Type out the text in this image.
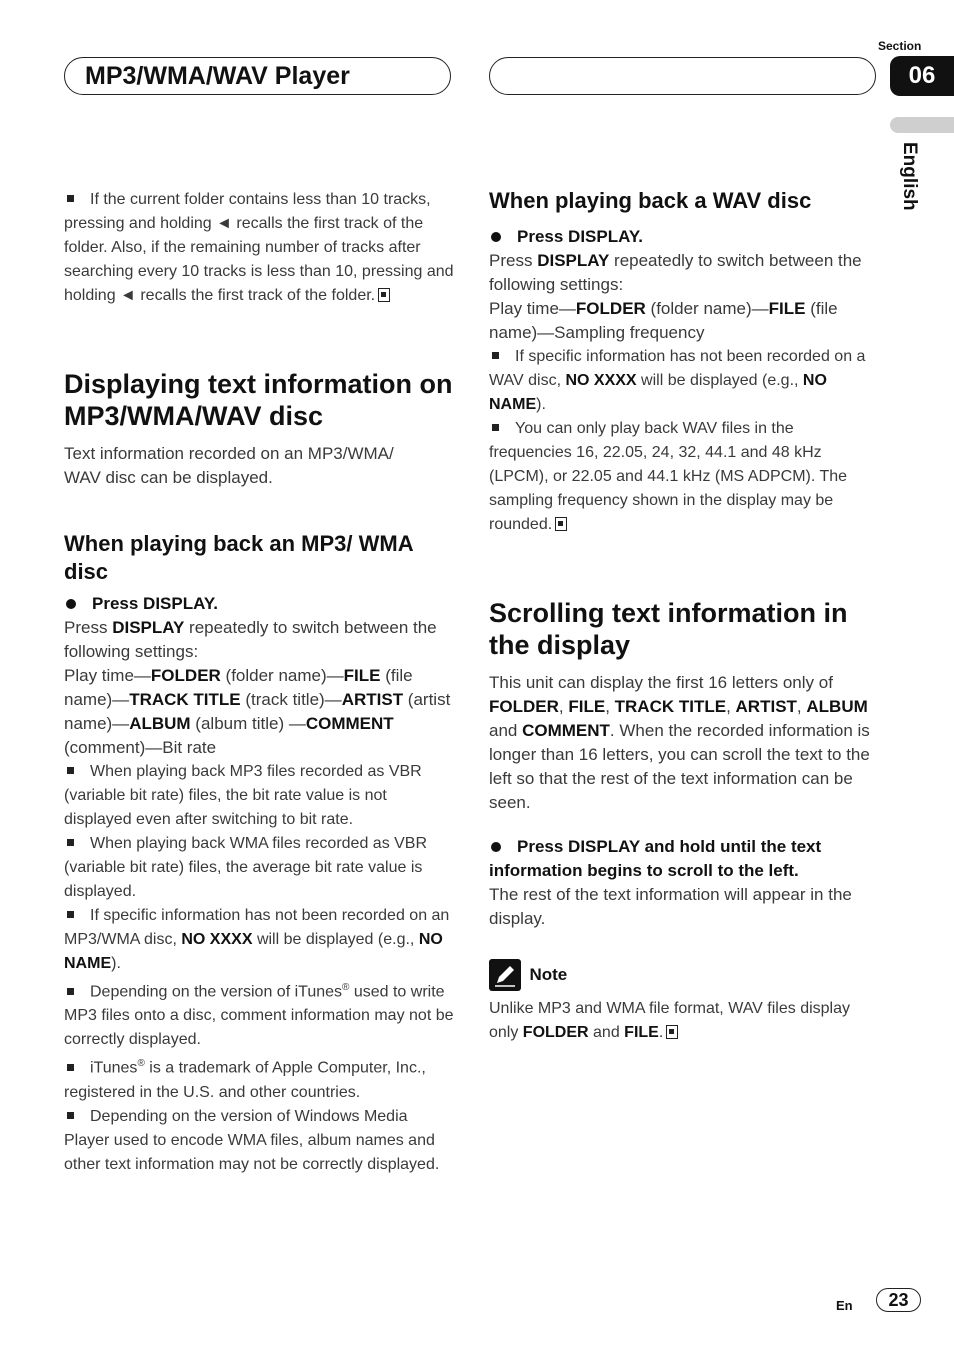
MP3/WMA/WAV Player
Section
06
English

If the current folder contains less than 10 tracks, pressing and holding ◄ recalls the first track of the folder. Also, if the remaining number of tracks after searching every 10 tracks is less than 10, pressing and holding ◄ recalls the first track of the folder.

Displaying text information on MP3/WMA/WAV disc

Text information recorded on an MP3/WMA/ WAV disc can be displayed.

When playing back an MP3/ WMA disc

Press DISPLAY.

Press DISPLAY repeatedly to switch between the following settings:

Play time—FOLDER (folder name)—FILE (file name)—TRACK TITLE (track title)—ARTIST (artist name)—ALBUM (album title) —COMMENT (comment)—Bit rate

When playing back MP3 files recorded as VBR (variable bit rate) files, the bit rate value is not displayed even after switching to bit rate.

When playing back WMA files recorded as VBR (variable bit rate) files, the average bit rate value is displayed.

If specific information has not been recorded on an MP3/WMA disc, NO XXXX will be displayed (e.g., NO NAME).

Depending on the version of iTunes® used to write MP3 files onto a disc, comment information may not be correctly displayed.

iTunes® is a trademark of Apple Computer, Inc., registered in the U.S. and other countries.

Depending on the version of Windows Media Player used to encode WMA files, album names and other text information may not be correctly displayed.

When playing back a WAV disc

Press DISPLAY.

Press DISPLAY repeatedly to switch between the following settings:

Play time—FOLDER (folder name)—FILE (file name)—Sampling frequency

If specific information has not been recorded on a WAV disc, NO XXXX will be displayed (e.g., NO NAME).

You can only play back WAV files in the frequencies 16, 22.05, 24, 32, 44.1 and 48 kHz (LPCM), or 22.05 and 44.1 kHz (MS ADPCM). The sampling frequency shown in the display may be rounded.

Scrolling text information in the display

This unit can display the first 16 letters only of FOLDER, FILE, TRACK TITLE, ARTIST, ALBUM and COMMENT. When the recorded information is longer than 16 letters, you can scroll the text to the left so that the rest of the text information can be seen.

Press DISPLAY and hold until the text information begins to scroll to the left.

The rest of the text information will appear in the display.

Note

Unlike MP3 and WMA file format, WAV files display only FOLDER and FILE.

En	23
